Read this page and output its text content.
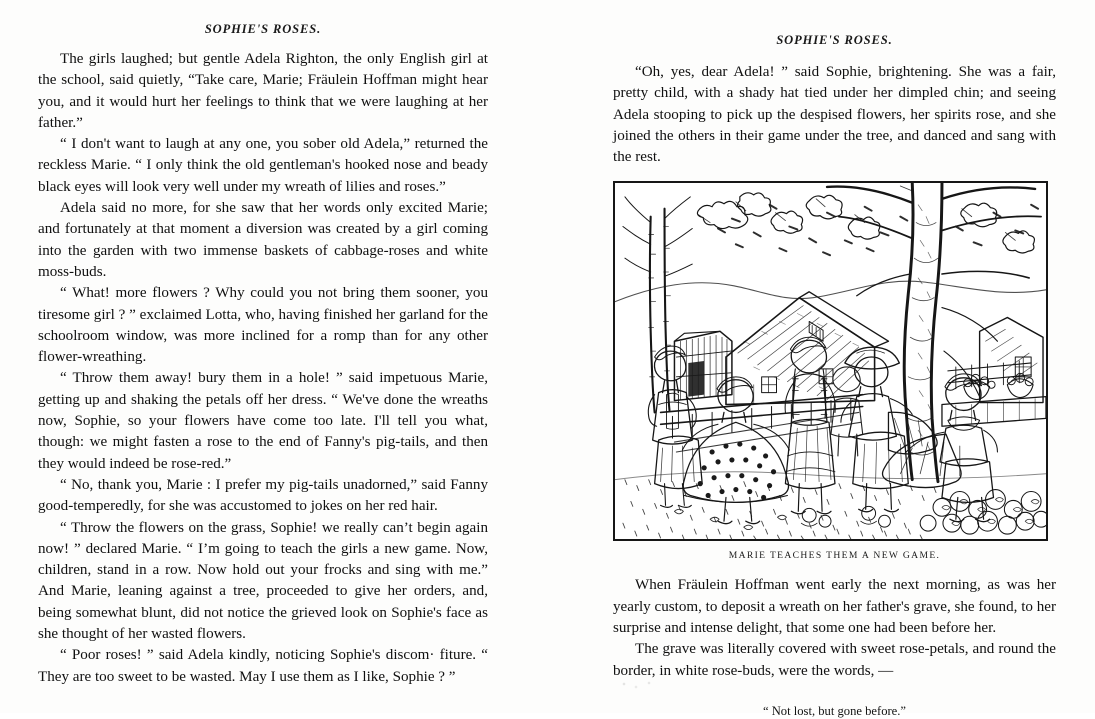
SOPHIE'S ROSES.

The girls laughed; but gentle Adela Righton, the only English girl at the school, said quietly, “Take care, Marie; Fräulein Hoffman might hear you, and it would hurt her feelings to think that we were laughing at her father.”

“ I don't want to laugh at any one, you sober old Adela,” returned the reckless Marie. “ I only think the old gentleman's hooked nose and beady black eyes will look very well under my wreath of lilies and roses.”

Adela said no more, for she saw that her words only excited Marie; and fortunately at that moment a diversion was created by a girl coming into the garden with two immense baskets of cabbage-roses and white moss-buds.

“ What! more flowers ? Why could you not bring them sooner, you tiresome girl ? ” exclaimed Lotta, who, having finished her garland for the schoolroom window, was more inclined for a romp than for any other flower-wreathing.

“ Throw them away! bury them in a hole! ” said impetuous Marie, getting up and shaking the petals off her dress. “ We've done the wreaths now, Sophie, so your flowers have come too late. I'll tell you what, though: we might fasten a rose to the end of Fanny's pig-tails, and then they would indeed be rose-red.”

“ No, thank you, Marie : I prefer my pig-tails unadorned,” said Fanny good-temperedly, for she was accustomed to jokes on her red hair.

“ Throw the flowers on the grass, Sophie! we really can’t begin again now! ” declared Marie. “ I’m going to teach the girls a new game. Now, children, stand in a row. Now hold out your frocks and sing with me.” And Marie, leaning against a tree, proceeded to give her orders, and, being somewhat blunt, did not notice the grieved look on Sophie's face as she thought of her wasted flowers.

“ Poor roses! ” said Adela kindly, noticing Sophie's discom· fiture. “ They are too sweet to be wasted. May I use them as I like, Sophie ? ”

SOPHIE'S ROSES.

“Oh, yes, dear Adela! ” said Sophie, brightening. She was a fair, pretty child, with a shady hat tied under her dimpled chin; and seeing Adela stooping to pick up the despised flowers, her spirits rose, and she joined the others in their game under the tree, and danced and sang with the rest.

MARIE TEACHES THEM A NEW GAME.

When Fräulein Hoffman went early the next morning, as was her yearly custom, to deposit a wreath on her father's grave, she found, to her surprise and intense delight, that some one had been before her.

The grave was literally covered with sweet rose-petals, and round the border, in white rose-buds, were the words, —

“ Not lost, but gone before.”
